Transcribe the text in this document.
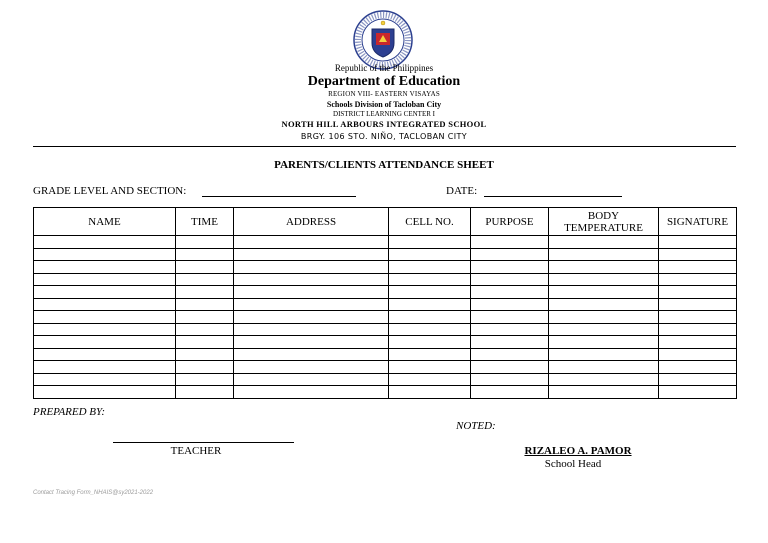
Republic of the Philippines
Department of Education
REGION VIII- EASTERN VISAYAS
Schools Division of Tacloban City
DISTRICT LEARNING CENTER I
NORTH HILL ARBOURS INTEGRATED SCHOOL
BRGY. 106 STO. NIÑO, TACLOBAN CITY
PARENTS/CLIENTS ATTENDANCE SHEET
GRADE LEVEL AND SECTION:	DATE:
NAME	TIME	ADDRESS	CELL NO.	PURPOSE	BODY TEMPERATURE	SIGNATURE

PREPARED BY:
NOTED:
TEACHER	RIZALEO A. PAMOR
School Head
Contact Tracing Form_NHAIS@sy2021-2022
